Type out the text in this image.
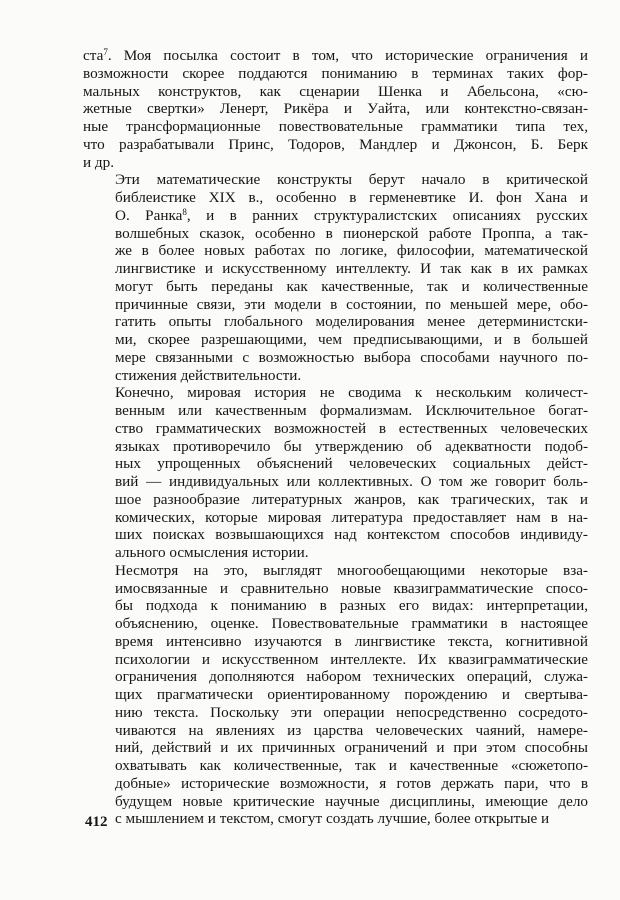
ста$^7$. Моя посылка состоит в том, что исторические ограничения и
возможности скорее поддаются пониманию в терминах таких фор-
мальных конструктов, как сценарии Шенка и Абельсона, «сю-
жетные свертки» Ленерт, Рикёра и Уайта, или контекстно-связан-
ные трансформационные повествовательные грамматики типа тех,
что разрабатывали Принс, Тодоров, Мандлер и Джонсон, Б. Берк
и др.
Эти математические конструкты берут начало в критической
библеистике XIX в., особенно в герменевтике И. фон Хана и
О. Ранка$^8$, и в ранних структуралистских описаниях русских
волшебных сказок, особенно в пионерской работе Проппа, а так-
же в более новых работах по логике, философии, математической
лингвистике и искусственному интеллекту. И так как в их рамках
могут быть переданы как качественные, так и количественные
причинные связи, эти модели в состоянии, по меньшей мере, обо-
гатить опыты глобального моделирования менее детерминистски-
ми, скорее разрешающими, чем предписывающими, и в большей
мере связанными с возможностью выбора способами научного по-
стижения действительности.
Конечно, мировая история не сводима к нескольким количест-
венным или качественным формализмам. Исключительное богат-
ство грамматических возможностей в естественных человеческих
языках противоречило бы утверждению об адекватности подоб-
ных упрощенных объяснений человеческих социальных дейст-
вий — индивидуальных или коллективных. О том же говорит боль-
шое разнообразие литературных жанров, как трагических, так и
комических, которые мировая литература предоставляет нам в на-
ших поисках возвышающихся над контекстом способов индивиду-
ального осмысления истории.
Несмотря на это, выглядят многообещающими некоторые вза-
имосвязанные и сравнительно новые квазиграмматические спосо-
бы подхода к пониманию в разных его видах: интерпретации,
объяснению, оценке. Повествовательные грамматики в настоящее
время интенсивно изучаются в лингвистике текста, когнитивной
психологии и искусственном интеллекте. Их квазиграмматические
ограничения дополняются набором технических операций, служа-
щих прагматически ориентированному порождению и свертыва-
нию текста. Поскольку эти операции непосредственно сосредото-
чиваются на явлениях из царства человеческих чаяний, намере-
ний, действий и их причинных ограничений и при этом способны
охватывать как количественные, так и качественные «сюжетопо-
добные» исторические возможности, я готов держать пари, что в
будущем новые критические научные дисциплины, имеющие дело
с мышлением и текстом, смогут создать лучшие, более открытые и
412
